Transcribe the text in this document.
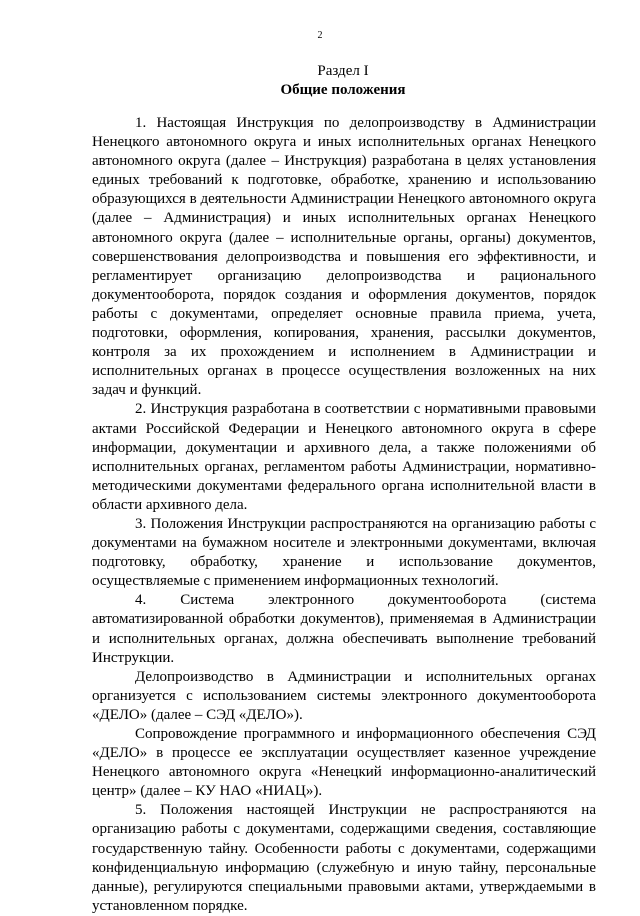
2
Раздел I
Общие положения

1. Настоящая Инструкция по делопроизводству в Администрации Ненецкого автономного округа и иных исполнительных органах Ненецкого автономного округа (далее – Инструкция) разработана в целях установления единых требований к подготовке, обработке, хранению и использованию образующихся в деятельности Администрации Ненецкого автономного округа (далее – Администрация) и иных исполнительных органах Ненецкого автономного округа (далее – исполнительные органы, органы) документов, совершенствования делопроизводства и повышения его эффективности, и регламентирует организацию делопроизводства и рационального документооборота, порядок создания и оформления документов, порядок работы с документами, определяет основные правила приема, учета, подготовки, оформления, копирования, хранения, рассылки документов, контроля за их прохождением и исполнением в Администрации и исполнительных органах в процессе осуществления возложенных на них задач и функций.

2. Инструкция разработана в соответствии с нормативными правовыми актами Российской Федерации и Ненецкого автономного округа в сфере информации, документации и архивного дела, а также положениями об исполнительных органах, регламентом работы Администрации, нормативно-методическими документами федерального органа исполнительной власти в области архивного дела.

3. Положения Инструкции распространяются на организацию работы с документами на бумажном носителе и электронными документами, включая подготовку, обработку, хранение и использование документов, осуществляемые с применением информационных технологий.

4. Система электронного документооборота (система автоматизированной обработки документов), применяемая в Администрации и исполнительных органах, должна обеспечивать выполнение требований Инструкции.

Делопроизводство в Администрации и исполнительных органах организуется с использованием системы электронного документооборота «ДЕЛО» (далее – СЭД «ДЕЛО»).

Сопровождение программного и информационного обеспечения СЭД «ДЕЛО» в процессе ее эксплуатации осуществляет казенное учреждение Ненецкого автономного округа «Ненецкий информационно-аналитический центр» (далее – КУ НАО «НИАЦ»).

5. Положения настоящей Инструкции не распространяются на организацию работы с документами, содержащими сведения, составляющие государственную тайну. Особенности работы с документами, содержащими конфиденциальную информацию (служебную и иную тайну, персональные данные), регулируются специальными правовыми актами, утверждаемыми в установленном порядке.
